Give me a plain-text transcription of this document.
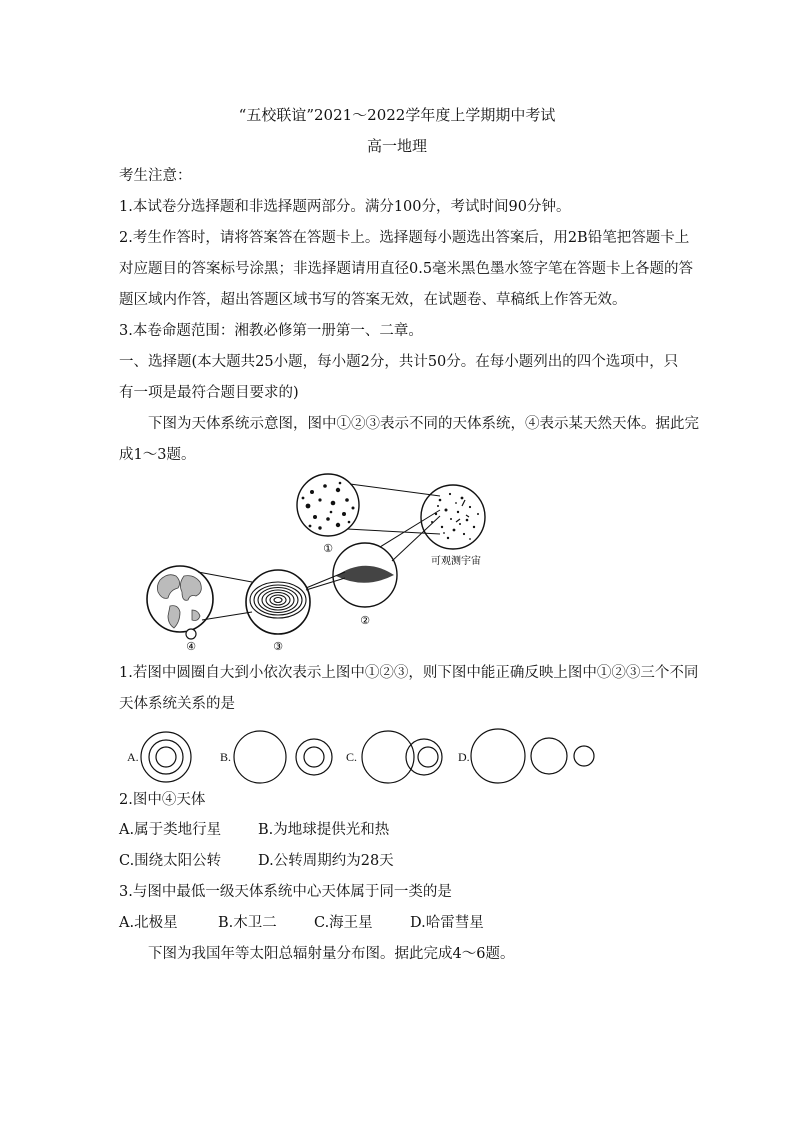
“五校联谊”2021～2022学年度上学期期中考试
高一地理
考生注意：
1.本试卷分选择题和非选择题两部分。满分100分，考试时间90分钟。
2.考生作答时，请将答案答在答题卡上。选择题每小题选出答案后，用2B铅笔把答题卡上
对应题目的答案标号涂黑；非选择题请用直径0.5毫米黑色墨水签字笔在答题卡上各题的答
题区域内作答，超出答题区域书写的答案无效，在试题卷、草稿纸上作答无效。
3.本卷命题范围：湘教必修第一册第一、二章。
一、选择题(本大题共25小题，每小题2分，共计50分。在每小题列出的四个选项中，只
有一项是最符合题目要求的)
下图为天体系统示意图，图中①②③表示不同的天体系统，④表示某天然天体。据此完
成1～3题。
①
可观测宇宙
②
③
④
1.若图中圆圈自大到小依次表示上图中①②③，则下图中能正确反映上图中①②③三个不同
天体系统关系的是
A.	B.	C.	D.
2.图中④天体
A.属于类地行星	B.为地球提供光和热
C.围绕太阳公转	D.公转周期约为28天
3.与图中最低一级天体系统中心天体属于同一类的是
A.北极星	B.木卫二	C.海王星	D.哈雷彗星
下图为我国年等太阳总辐射量分布图。据此完成4～6题。
